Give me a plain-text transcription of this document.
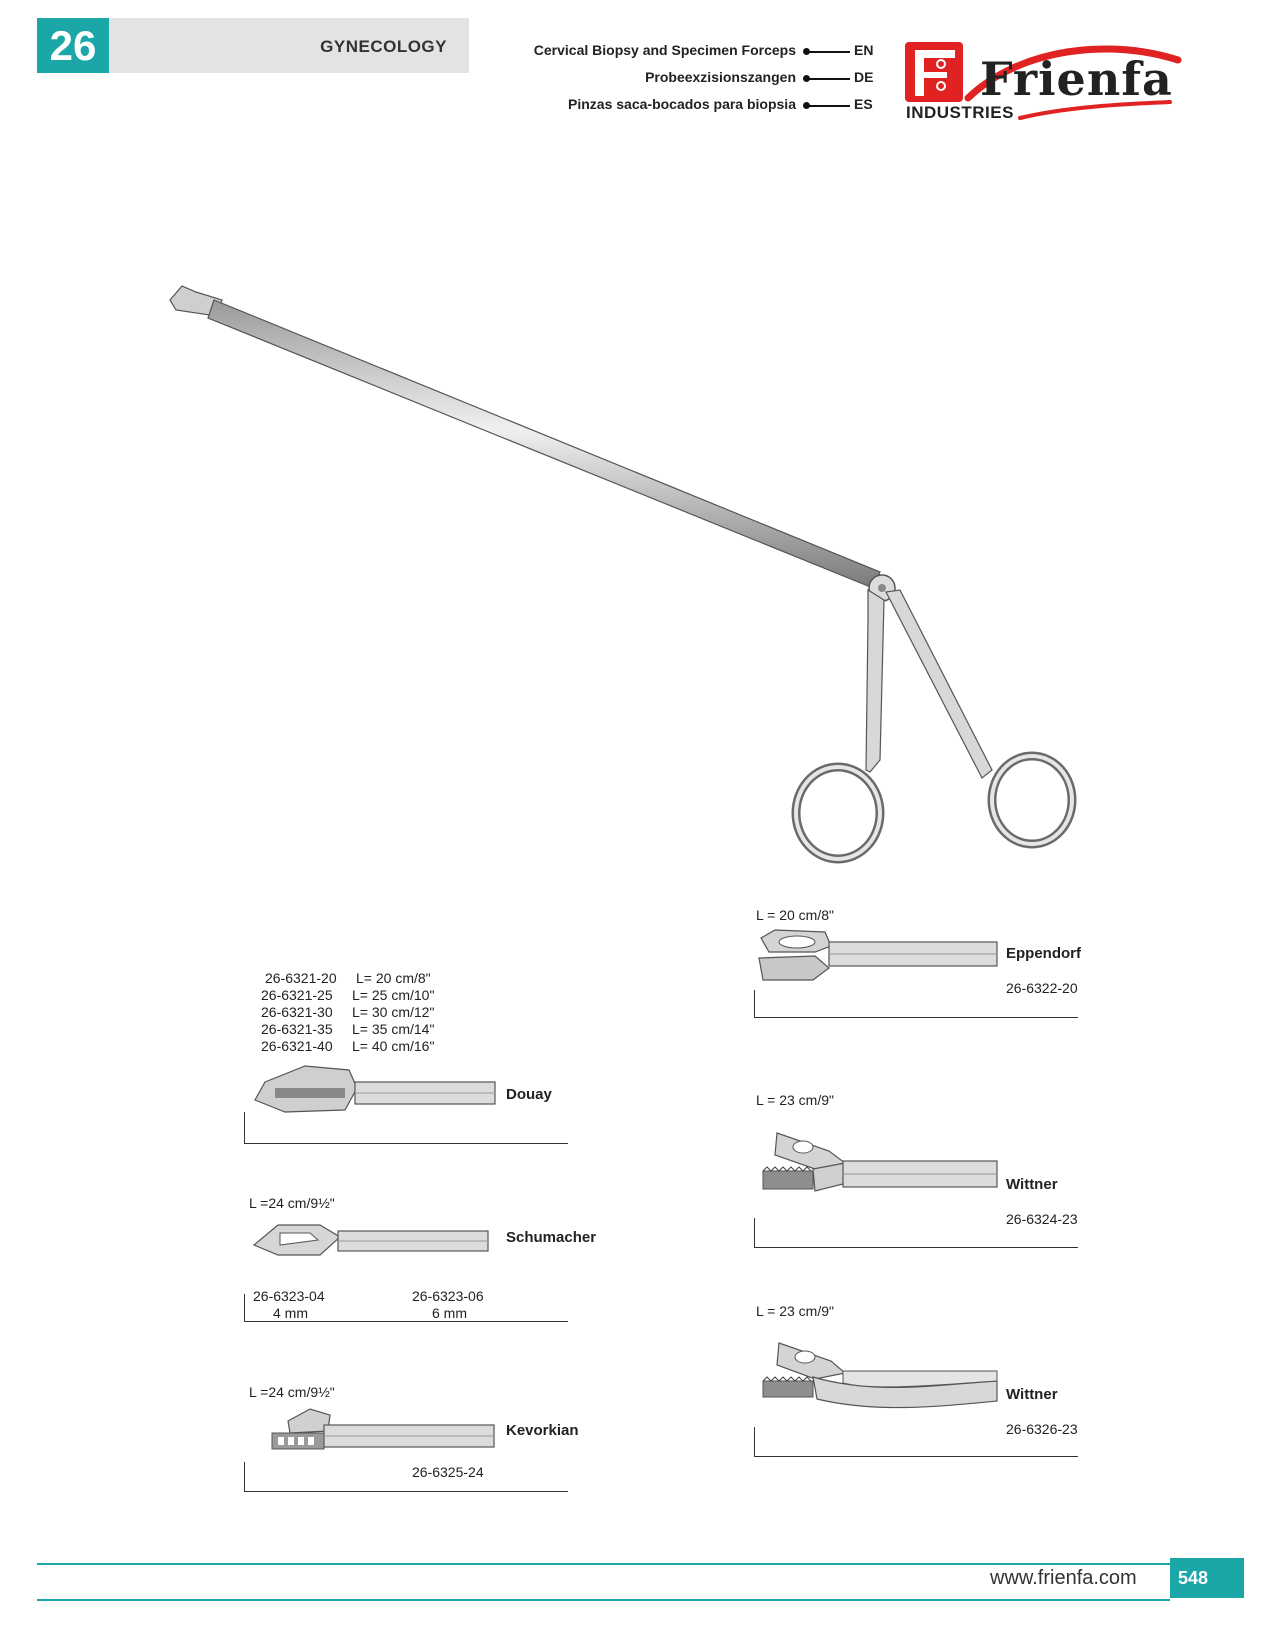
26	GYNECOLOGY	Cervical Biopsy and Specimen Forceps
Probeexzisionszangen
Pinzas saca-bocados para biopsia
EN
DE
ES Frienfa
INDUSTRIES
26-6321-20 L= 20 cm/8"
26-6321-25 L= 25 cm/10"
26-6321-30 L= 30 cm/12"
26-6321-35 L= 35 cm/14"
26-6321-40 L= 40 cm/16"
Douay
L =24 cm/9½"
Schumacher
26-6323-04
4 mm
26-6323-06
6 mm
L =24 cm/9½"
Kevorkian
26-6325-24
L = 20 cm/8"
Eppendorf
26-6322-20
L = 23 cm/9"
Wittner
26-6324-23
L = 23 cm/9"
Wittner
26-6326-23
www.frienfa.com	548
